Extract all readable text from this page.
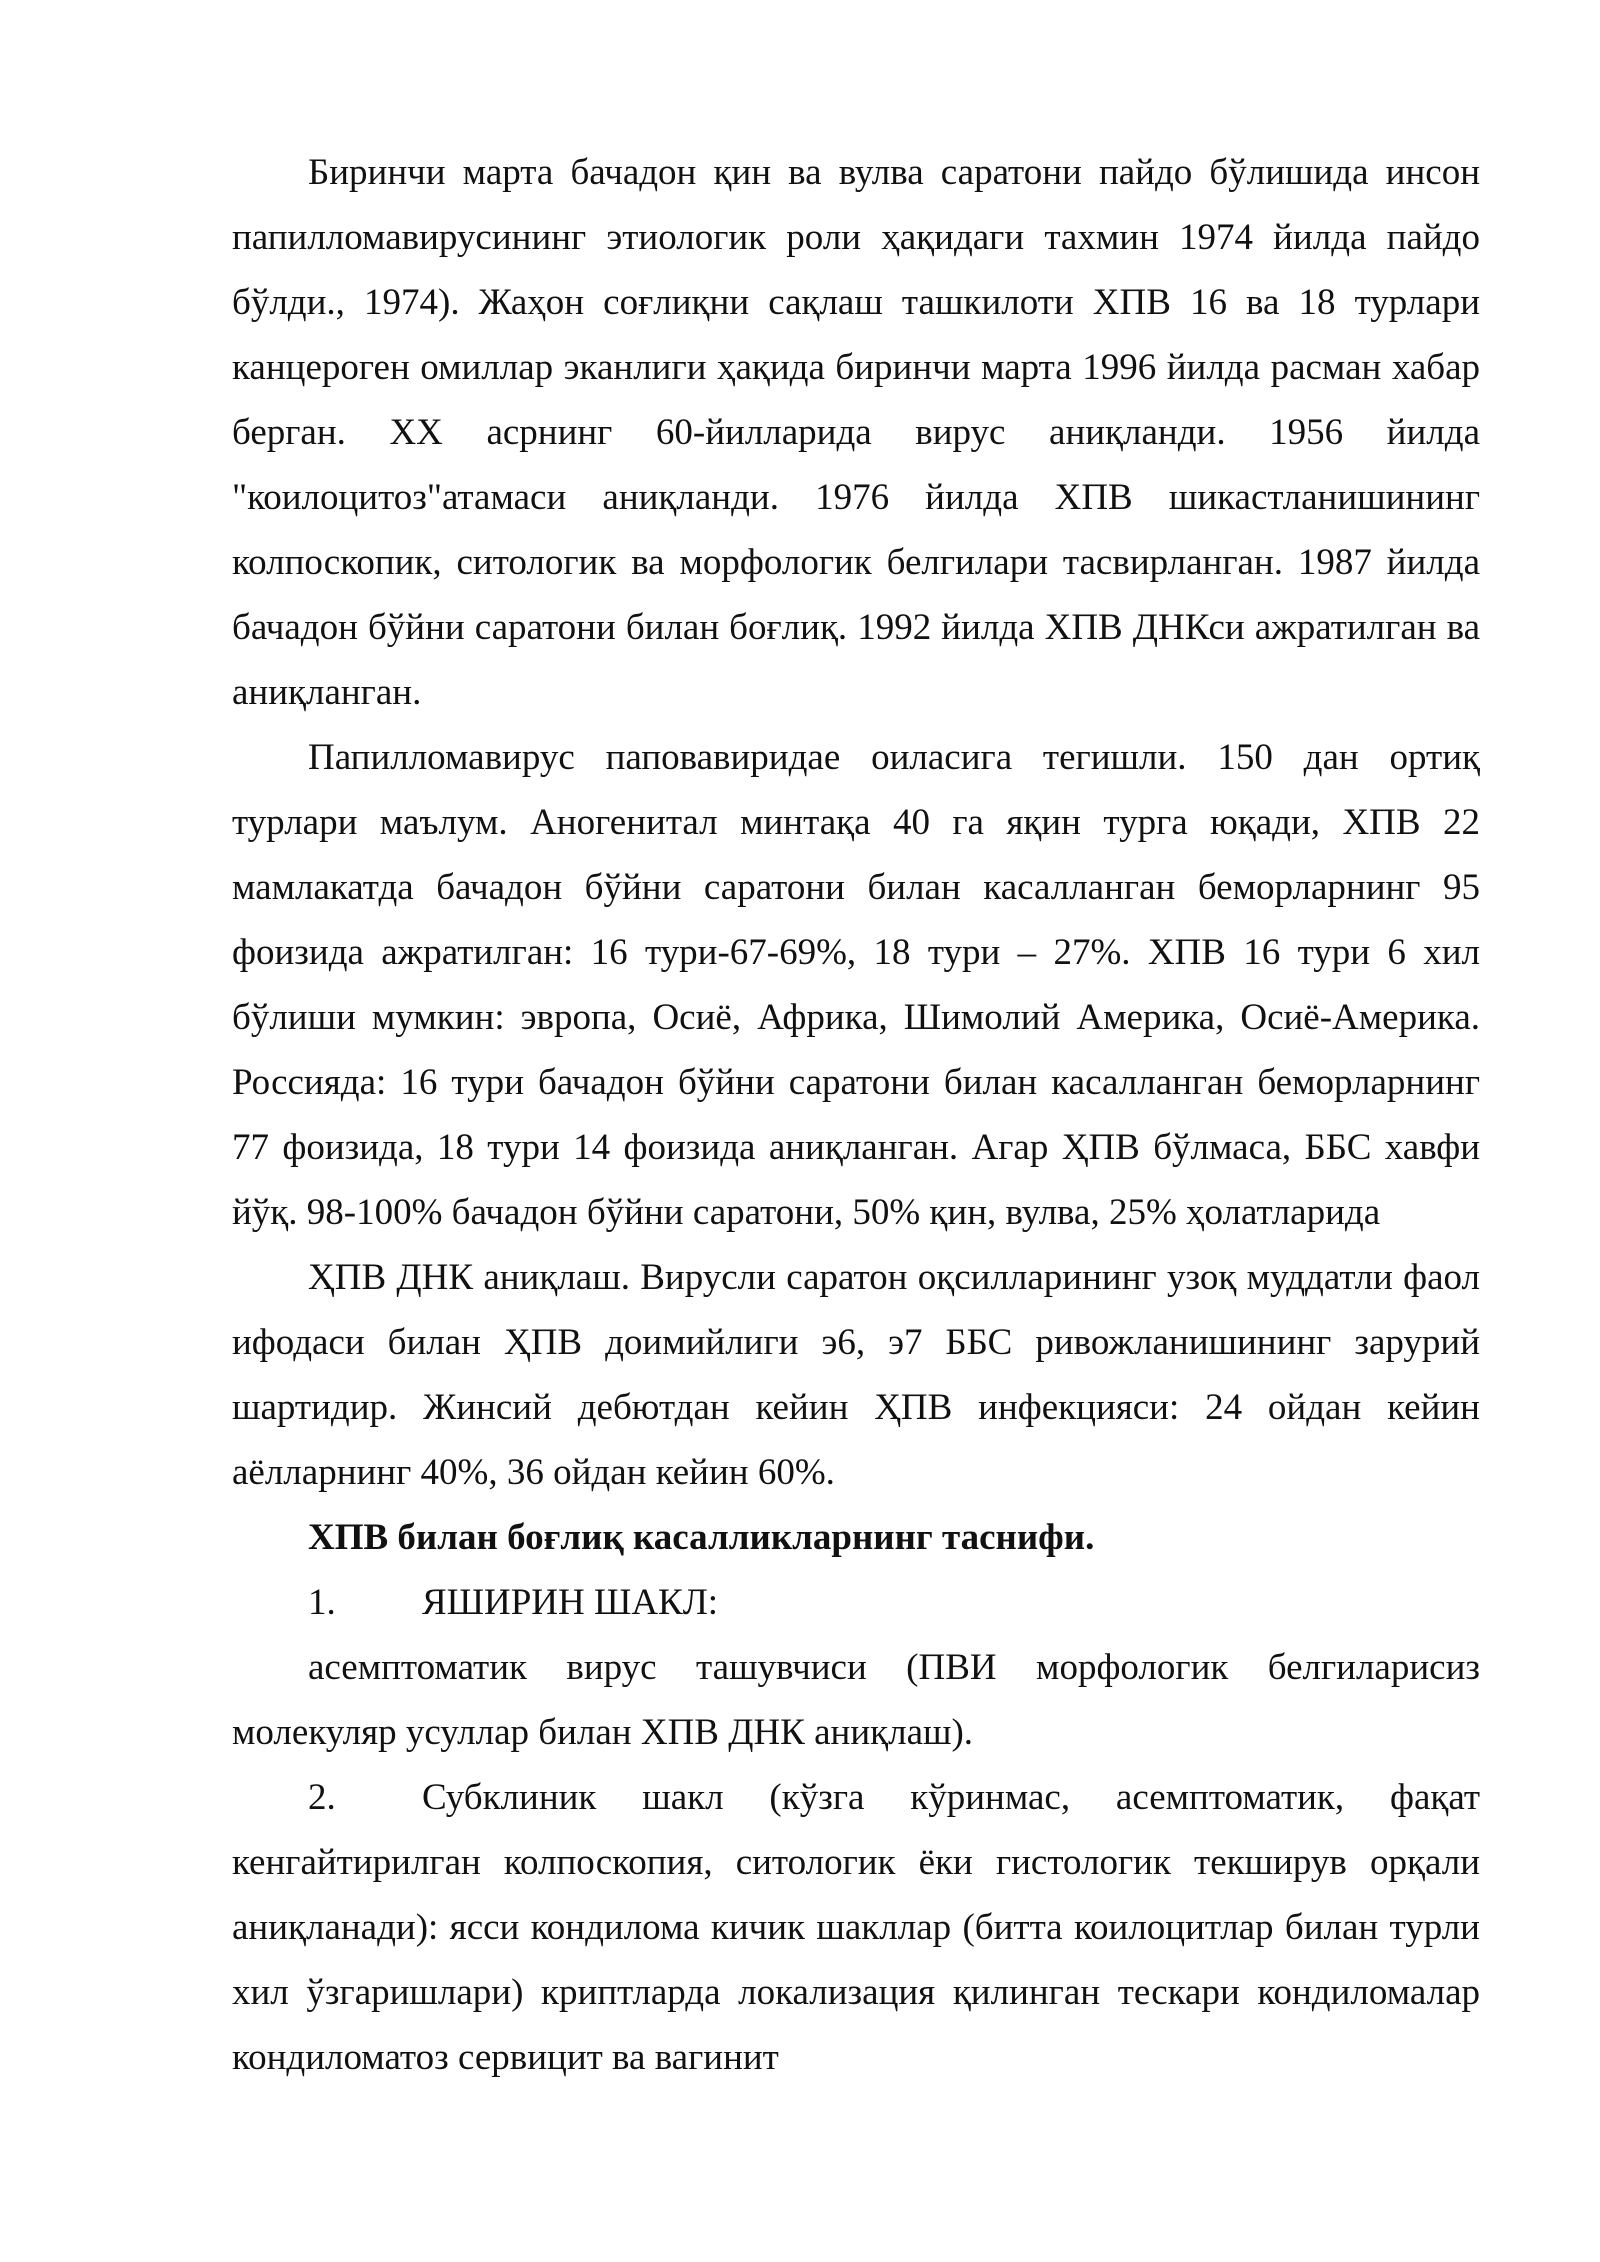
Биринчи марта бачадон қин ва вулва саратони пайдо бўлишида инсон папилломавирусининг этиологик роли ҳақидаги тахмин 1974 йилда пайдо бўлди., 1974). Жаҳон соғлиқни сақлаш ташкилоти ХПВ 16 ва 18 турлари канцероген омиллар эканлиги ҳақида биринчи марта 1996 йилда расман хабар берган. XX асрнинг 60-йилларида вирус аниқланди. 1956 йилда "коилоцитоз"атамаси аниқланди. 1976 йилда ХПВ шикастланишининг колпоскопик, ситологик ва морфологик белгилари тасвирланган. 1987 йилда бачадон бўйни саратони билан боғлиқ. 1992 йилда ХПВ ДНКси ажратилган ва аниқланган.

Папилломавирус паповавиридае оиласига тегишли. 150 дан ортиқ турлари маълум. Аногенитал минтақа 40 га яқин турга юқади, ХПВ 22 мамлакатда бачадон бўйни саратони билан касалланган беморларнинг 95 фоизида ажратилган: 16 тури-67-69%, 18 тури – 27%. ХПВ 16 тури 6 хил бўлиши мумкин: эвропа, Осиё, Африка, Шимолий Америка, Осиё-Америка. Россияда: 16 тури бачадон бўйни саратони билан касалланган беморларнинг 77 фоизида, 18 тури 14 фоизида аниқланган. Агар ҲПВ бўлмаса, ББС хавфи йўқ. 98-100% бачадон бўйни саратони, 50% қин, вулва, 25% ҳолатларида

ҲПВ ДНК аниқлаш. Вирусли саратон оқсилларининг узоқ муддатли фаол ифодаси билан ҲПВ доимийлиги э6, э7 ББС ривожланишининг зарурий шартидир. Жинсий дебютдан кейин ҲПВ инфекцияси: 24 ойдан кейин аёлларнинг 40%, 36 ойдан кейин 60%.

ХПВ билан боғлиқ касалликларнинг таснифи.

1. ЯШИРИН ШАКЛ:

асемптоматик вирус ташувчиси (ПВИ морфологик белгиларисиз молекуляр усуллар билан ХПВ ДНК аниқлаш).

2. Субклиник шакл (кўзга кўринмас, асемптоматик, фақат кенгайтирилган колпоскопия, ситологик ёки гистологик текширув орқали аниқланади): ясси кондилома кичик шакллар (битта коилоцитлар билан турли хил ўзгаришлари) криптларда локализация қилинган тескари кондиломалар кондиломатоз сервицит ва вагинит
